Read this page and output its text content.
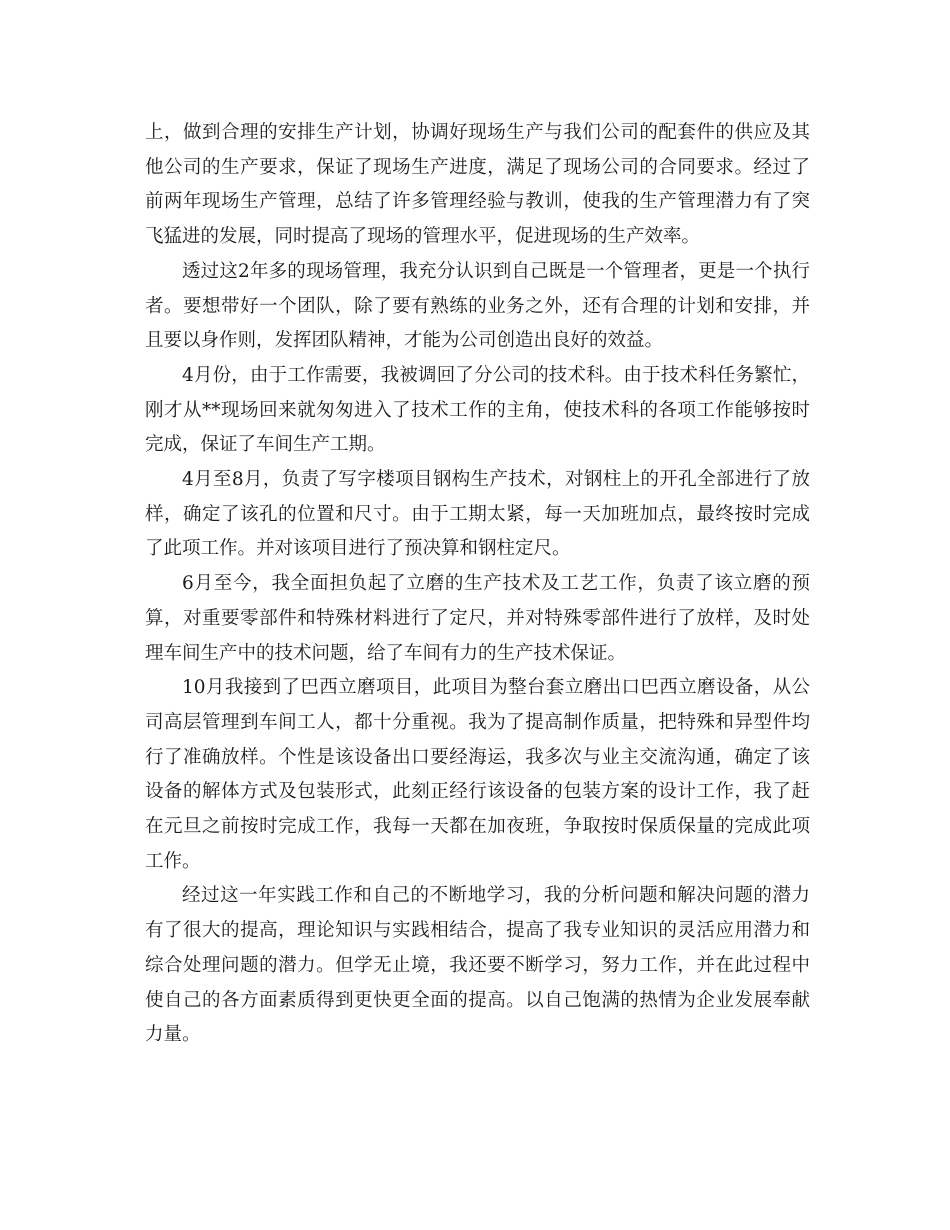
上，做到合理的安排生产计划，协调好现场生产与我们公司的配套件的供应及其他公司的生产要求，保证了现场生产进度，满足了现场公司的合同要求。经过了前两年现场生产管理，总结了许多管理经验与教训，使我的生产管理潜力有了突飞猛进的发展，同时提高了现场的管理水平，促进现场的生产效率。

透过这2年多的现场管理，我充分认识到自己既是一个管理者，更是一个执行者。要想带好一个团队，除了要有熟练的业务之外，还有合理的计划和安排，并且要以身作则，发挥团队精神，才能为公司创造出良好的效益。

4月份，由于工作需要，我被调回了分公司的技术科。由于技术科任务繁忙，刚才从**现场回来就匆匆进入了技术工作的主角，使技术科的各项工作能够按时完成，保证了车间生产工期。

4月至8月，负责了写字楼项目钢构生产技术，对钢柱上的开孔全部进行了放样，确定了该孔的位置和尺寸。由于工期太紧，每一天加班加点，最终按时完成了此项工作。并对该项目进行了预决算和钢柱定尺。

6月至今，我全面担负起了立磨的生产技术及工艺工作，负责了该立磨的预算，对重要零部件和特殊材料进行了定尺，并对特殊零部件进行了放样，及时处理车间生产中的技术问题，给了车间有力的生产技术保证。

10月我接到了巴西立磨项目，此项目为整台套立磨出口巴西立磨设备，从公司高层管理到车间工人，都十分重视。我为了提高制作质量，把特殊和异型件均行了准确放样。个性是该设备出口要经海运，我多次与业主交流沟通，确定了该设备的解体方式及包装形式，此刻正经行该设备的包装方案的设计工作，我了赶在元旦之前按时完成工作，我每一天都在加夜班，争取按时保质保量的完成此项工作。

经过这一年实践工作和自己的不断地学习，我的分析问题和解决问题的潜力有了很大的提高，理论知识与实践相结合，提高了我专业知识的灵活应用潜力和综合处理问题的潜力。但学无止境，我还要不断学习，努力工作，并在此过程中使自己的各方面素质得到更快更全面的提高。以自己饱满的热情为企业发展奉献力量。
